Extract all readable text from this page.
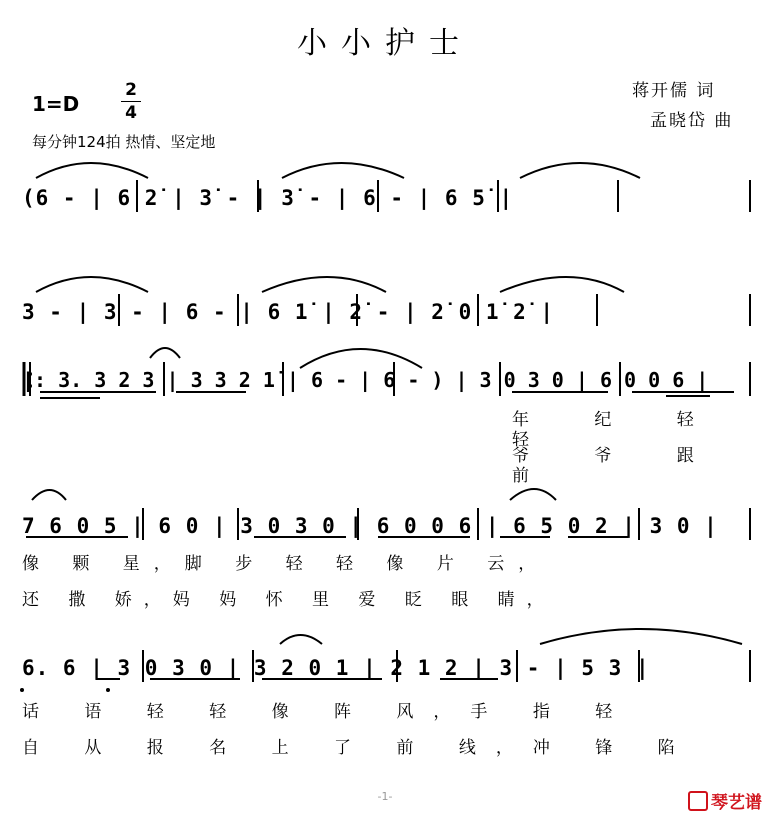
小小护士
1=D
2
4
每分钟124拍 热情、坚定地
蒋开儒 词
孟晓岱 曲
(6 - | 6 2̇ | 3̇ - | 3̇ - | 6 - | 6 5̇ |
3 - | 3 - | 6 - | 6 1̇ | 2̇ - | 2̇ 0 1̇ 2̇ |
|: 3. 3 2 3 | 3 3 2 1̇ | 6 - | 6 - ) | 3 0 3 0 | 6 0 0 6 |
7 6 0 5 | 6 0 | 3 0 3 0 | 6 0 0 6 | 6 5 0 2 | 3 0 |
6. 6 | 3 0 3 0 | 3 2 0 1 | 2 1 2 | 3 - | 5 3 |
年 纪 轻 轻
爷 爷 跟 前
像 颗 星，脚 步 轻 轻 像 片 云，
还 撒 娇，妈 妈 怀 里 爱 眨 眼 睛，
话 语 轻 轻 像 阵 风，手 指 轻
自 从 报 名 上 了 前 线，冲 锋 陷
-1-	琴艺谱
